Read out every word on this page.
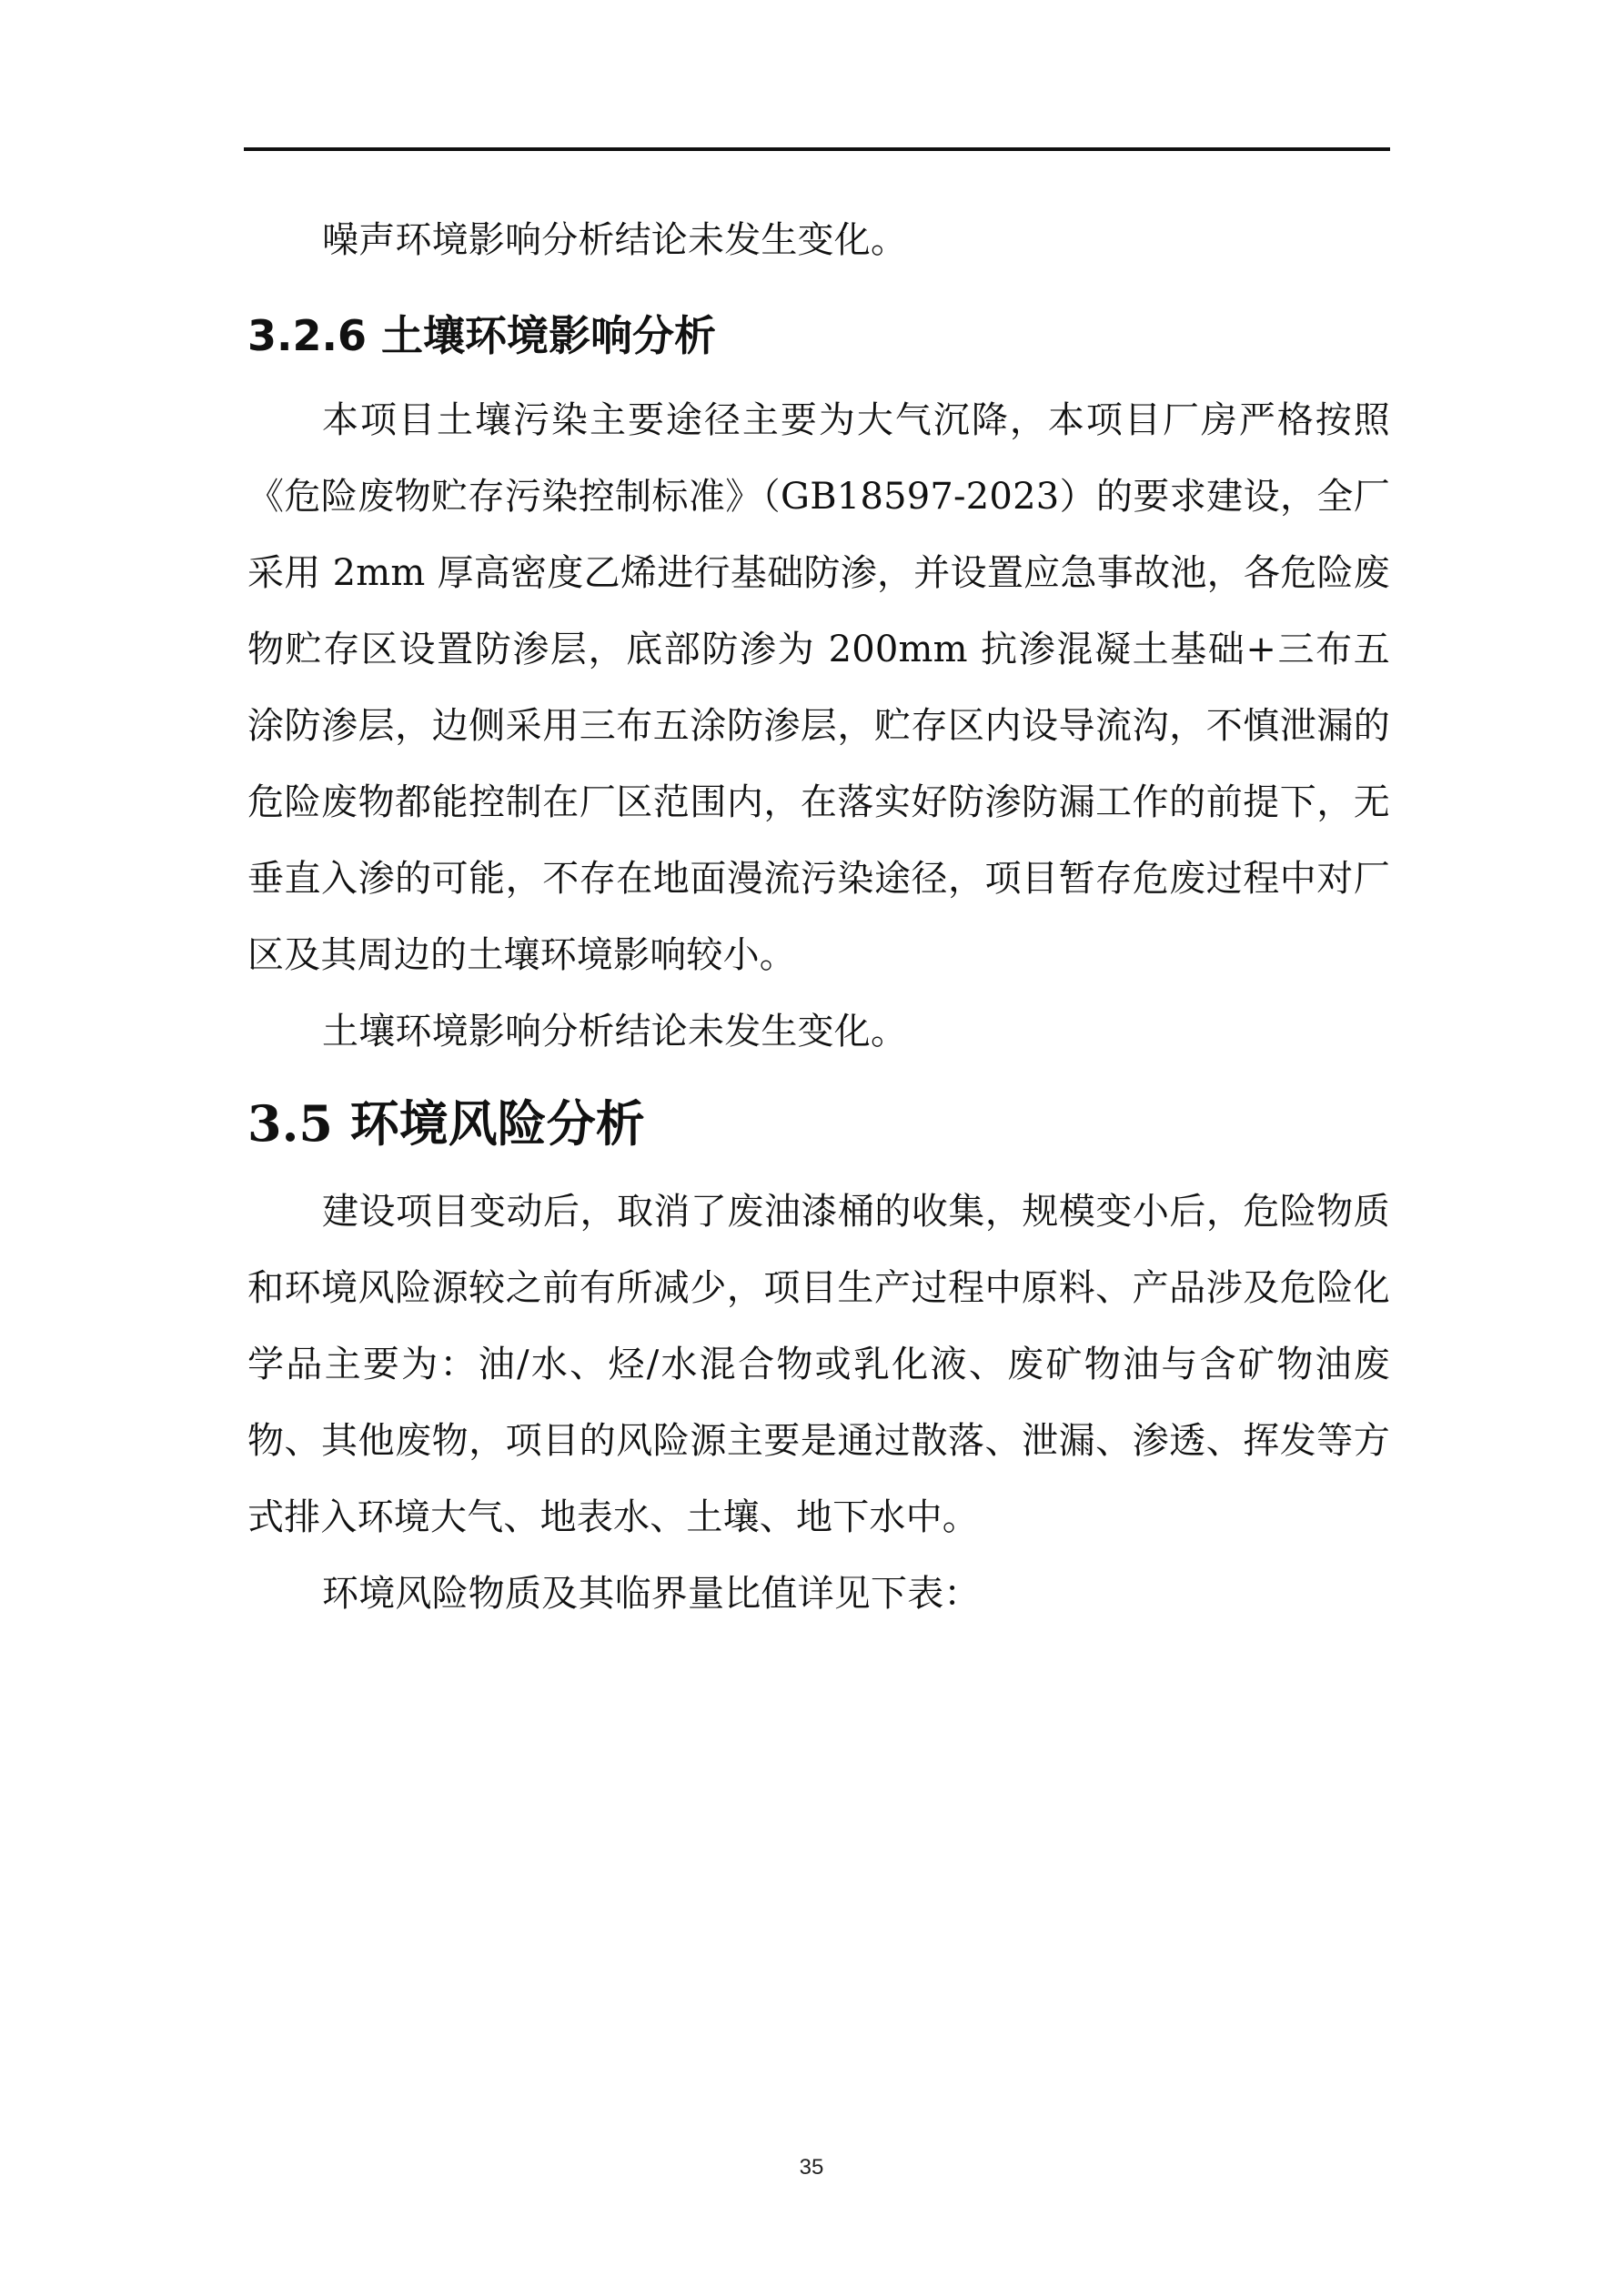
噪声环境影响分析结论未发生变化。

3.2.6 土壤环境影响分析

本项目土壤污染主要途径主要为大气沉降，本项目厂房严格按照《危险废物贮存污染控制标准》（GB18597-2023）的要求建设，全厂采用 2mm 厚高密度乙烯进行基础防渗，并设置应急事故池，各危险废物贮存区设置防渗层，底部防渗为 200mm 抗渗混凝土基础+三布五涂防渗层，边侧采用三布五涂防渗层，贮存区内设导流沟，不慎泄漏的危险废物都能控制在厂区范围内，在落实好防渗防漏工作的前提下，无垂直入渗的可能，不存在地面漫流污染途径，项目暂存危废过程中对厂区及其周边的土壤环境影响较小。

土壤环境影响分析结论未发生变化。

3.5 环境风险分析

建设项目变动后，取消了废油漆桶的收集，规模变小后，危险物质和环境风险源较之前有所减少，项目生产过程中原料、产品涉及危险化学品主要为：油/水、烃/水混合物或乳化液、废矿物油与含矿物油废物、其他废物，项目的风险源主要是通过散落、泄漏、渗透、挥发等方式排入环境大气、地表水、土壤、地下水中。

环境风险物质及其临界量比值详见下表：

35
